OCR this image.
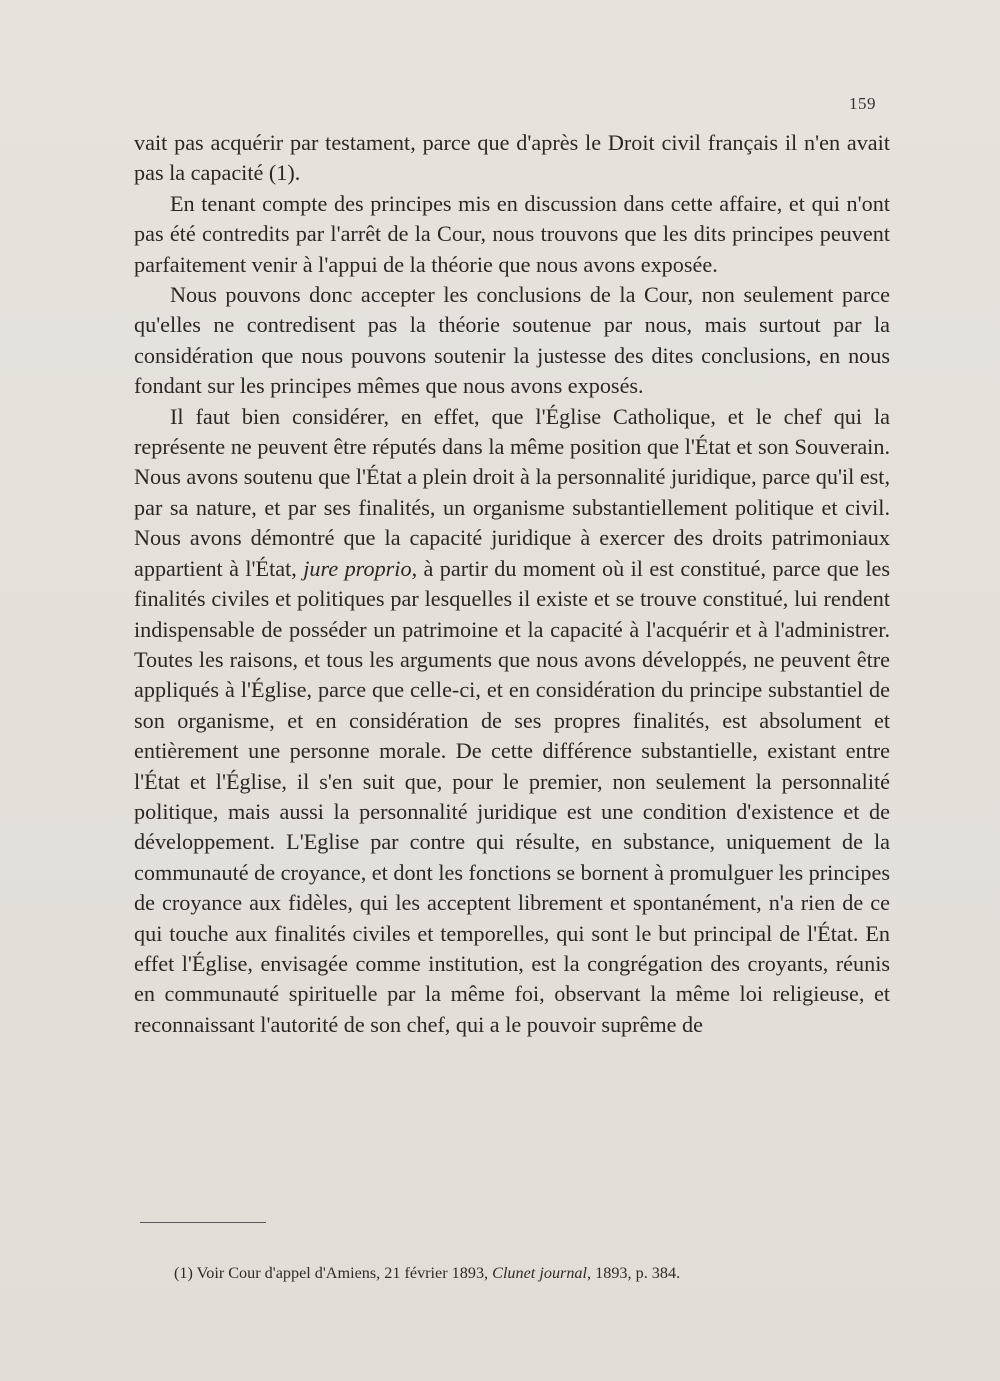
159

vait pas acquérir par testament, parce que d'après le Droit civil français il n'en avait pas la capacité (1).

En tenant compte des principes mis en discussion dans cette affaire, et qui n'ont pas été contredits par l'arrêt de la Cour, nous trouvons que les dits principes peuvent parfaitement venir à l'appui de la théorie que nous avons exposée.

Nous pouvons donc accepter les conclusions de la Cour, non seulement parce qu'elles ne contredisent pas la théorie soutenue par nous, mais surtout par la considération que nous pouvons soutenir la justesse des dites conclusions, en nous fondant sur les principes mêmes que nous avons exposés.

Il faut bien considérer, en effet, que l'Église Catholique, et le chef qui la représente ne peuvent être réputés dans la même position que l'État et son Souverain. Nous avons soutenu que l'État a plein droit à la personnalité juridique, parce qu'il est, par sa nature, et par ses finalités, un organisme substantiellement politique et civil. Nous avons démontré que la capacité juridique à exercer des droits patrimoniaux appartient à l'État, jure proprio, à partir du moment où il est constitué, parce que les finalités civiles et politiques par lesquelles il existe et se trouve constitué, lui rendent indispensable de posséder un patrimoine et la capacité à l'acquérir et à l'administrer. Toutes les raisons, et tous les arguments que nous avons développés, ne peuvent être appliqués à l'Église, parce que celle-ci, et en considération du principe substantiel de son organisme, et en considération de ses propres finalités, est absolument et entièrement une personne morale. De cette différence substantielle, existant entre l'État et l'Église, il s'en suit que, pour le premier, non seulement la personnalité politique, mais aussi la personnalité juridique est une condition d'existence et de développement. L'Eglise par contre qui résulte, en substance, uniquement de la communauté de croyance, et dont les fonctions se bornent à promulguer les principes de croyance aux fidèles, qui les acceptent librement et spontanément, n'a rien de ce qui touche aux finalités civiles et temporelles, qui sont le but principal de l'État. En effet l'Église, envisagée comme institution, est la congrégation des croyants, réunis en communauté spirituelle par la même foi, observant la même loi religieuse, et reconnaissant l'autorité de son chef, qui a le pouvoir suprême de

(1) Voir Cour d'appel d'Amiens, 21 février 1893, Clunet journal, 1893, p. 384.
